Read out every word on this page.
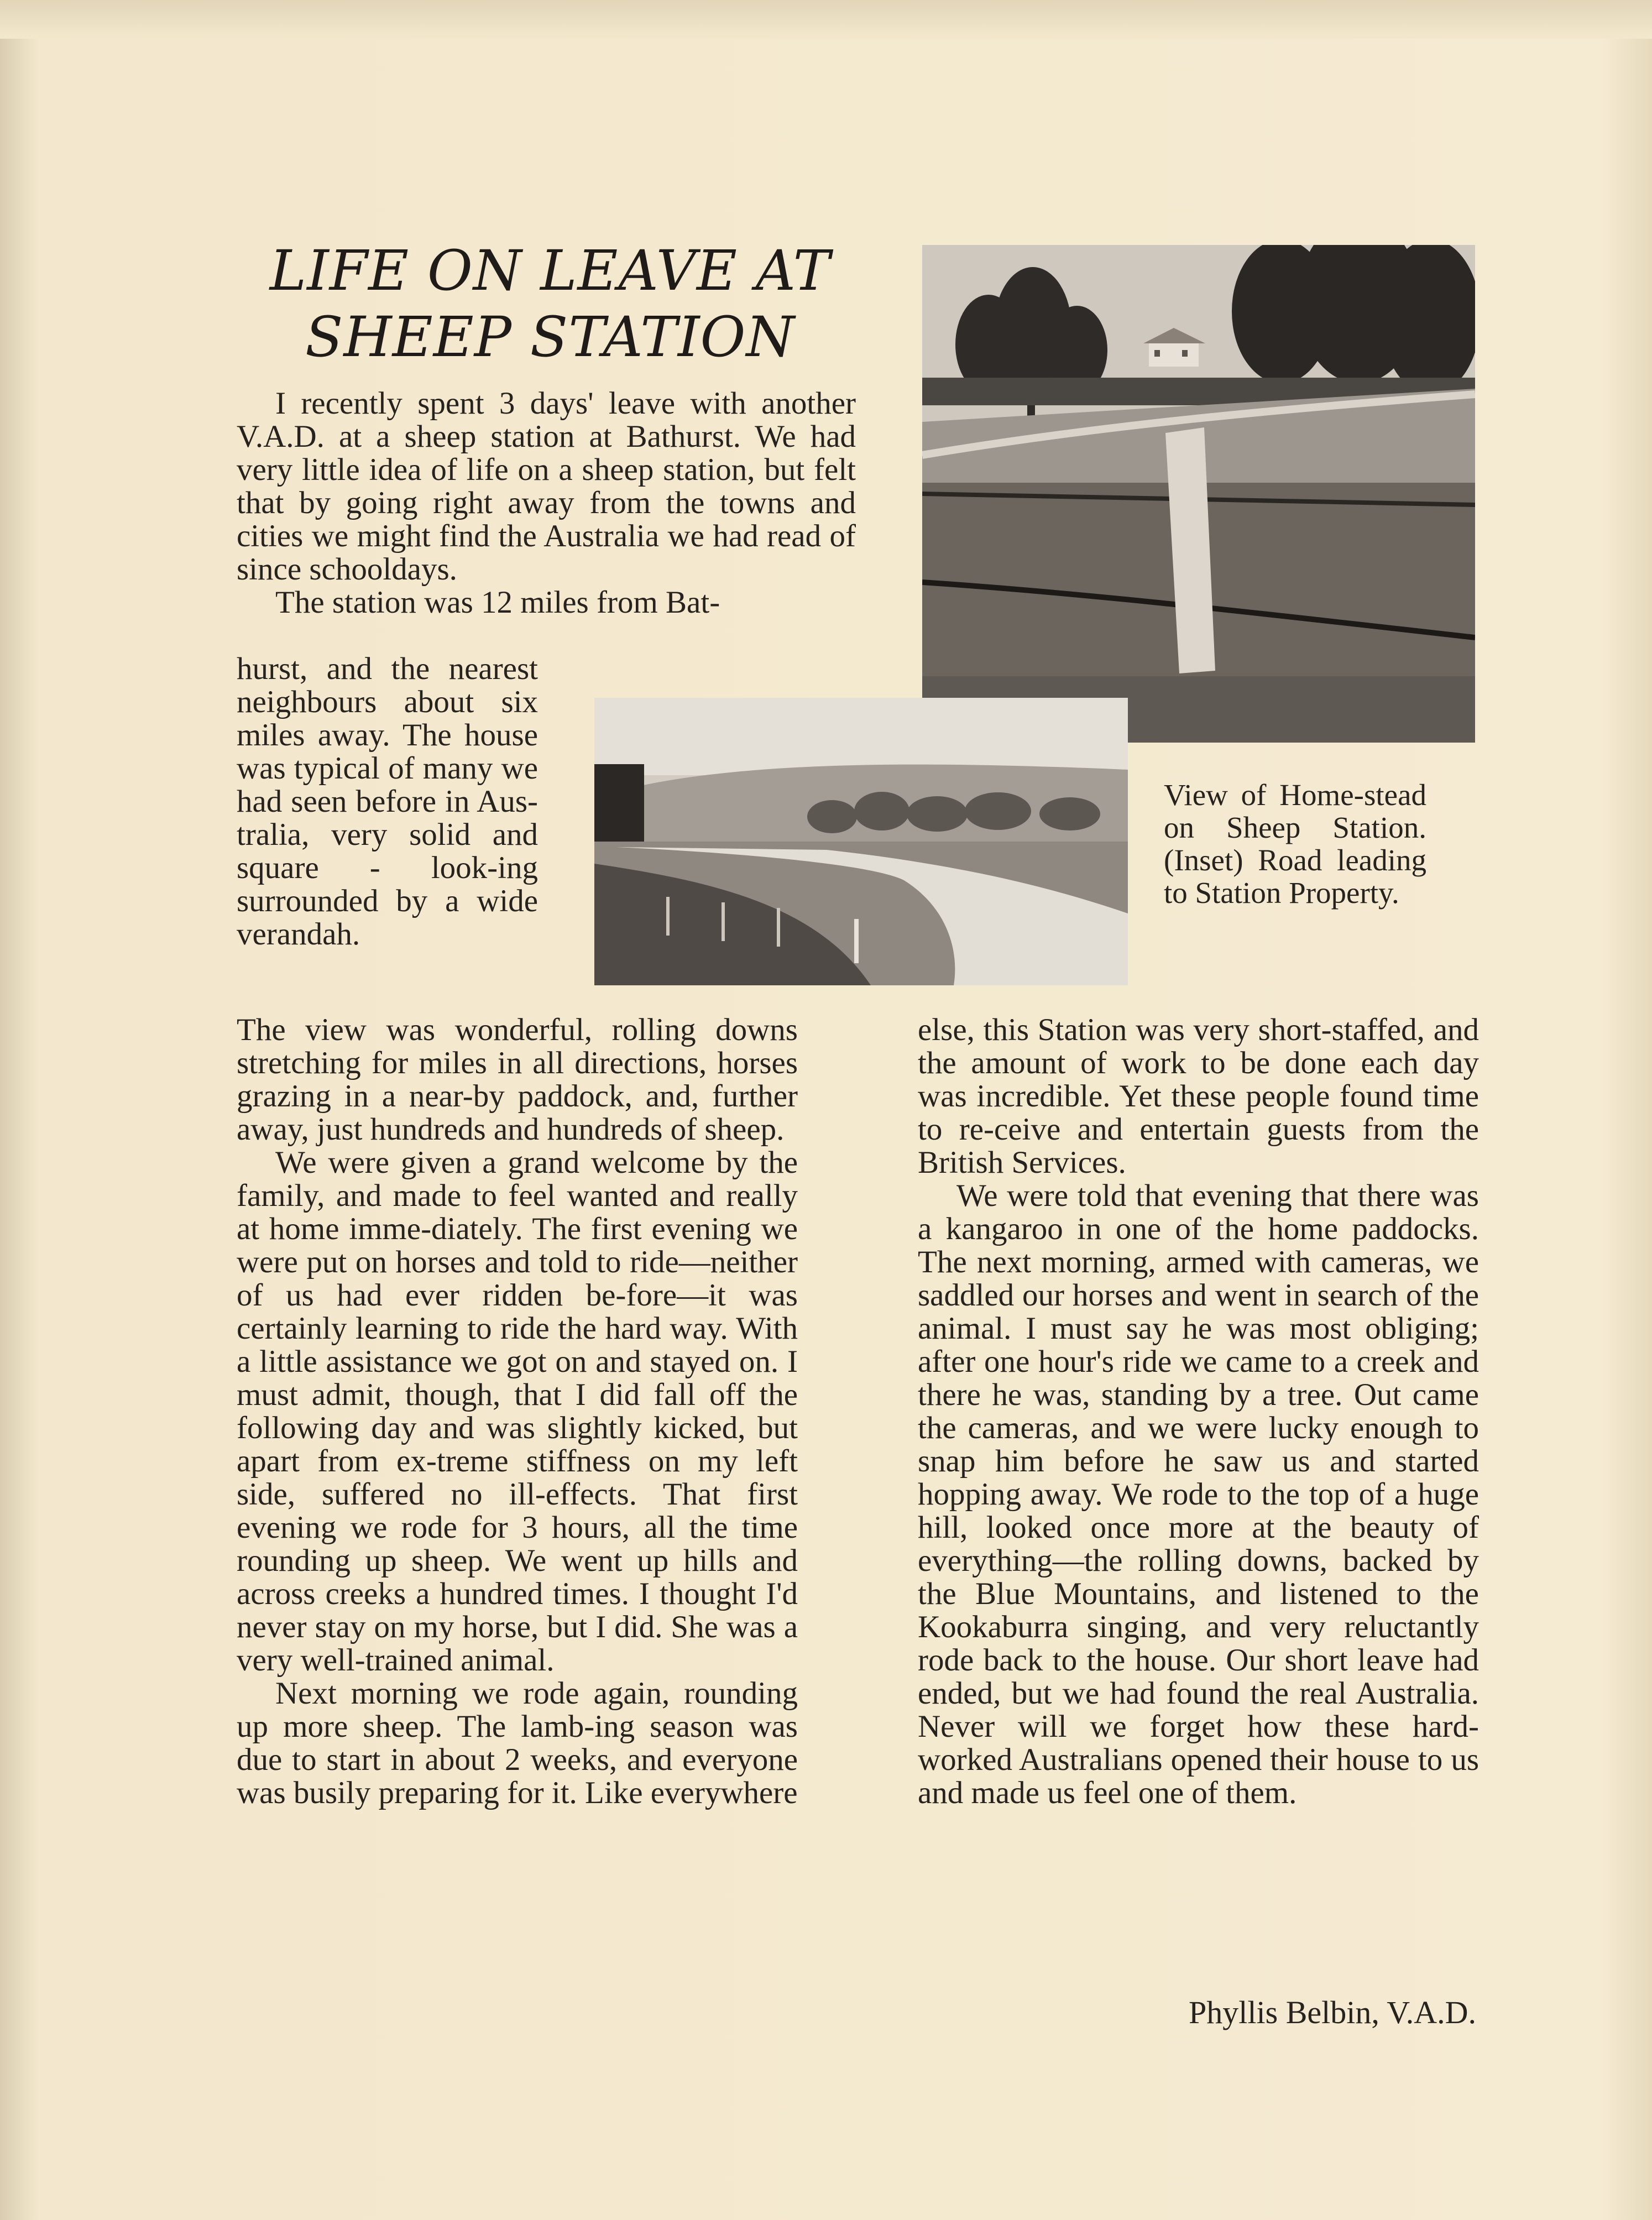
LIFE ON LEAVE AT
SHEEP STATION

I recently spent 3 days' leave with another V.A.D. at a sheep station at Bathurst. We had very little idea of life on a sheep station, but felt that by going right away from the towns and cities we might find the Australia we had read of since schooldays.

The station was 12 miles from Bat-

hurst, and the nearest neighbours about six miles away. The house was typical of many we had seen before in Aus-tralia, very solid and square - look-ing surrounded by a wide verandah.

The view was wonderful, rolling downs stretching for miles in all directions, horses grazing in a near-by paddock, and, further away, just hundreds and hundreds of sheep.

We were given a grand welcome by the family, and made to feel wanted and really at home imme-diately. The first evening we were put on horses and told to ride—neither of us had ever ridden be-fore—it was certainly learning to ride the hard way. With a little assistance we got on and stayed on. I must admit, though, that I did fall off the following day and was slightly kicked, but apart from ex-treme stiffness on my left side, suffered no ill-effects. That first evening we rode for 3 hours, all the time rounding up sheep. We went up hills and across creeks a hundred times. I thought I'd never stay on my horse, but I did. She was a very well-trained animal.

Next morning we rode again, rounding up more sheep. The lamb-ing season was due to start in about 2 weeks, and everyone was busily preparing for it. Like everywhere

else, this Station was very short-staffed, and the amount of work to be done each day was incredible. Yet these people found time to re-ceive and entertain guests from the British Services.

We were told that evening that there was a kangaroo in one of the home paddocks. The next morning, armed with cameras, we saddled our horses and went in search of the animal. I must say he was most obliging; after one hour's ride we came to a creek and there he was, standing by a tree. Out came the cameras, and we were lucky enough to snap him before he saw us and started hopping away. We rode to the top of a huge hill, looked once more at the beauty of everything—the rolling downs, backed by the Blue Mountains, and listened to the Kookaburra singing, and very reluctantly rode back to the house. Our short leave had ended, but we had found the real Australia. Never will we forget how these hard-worked Australians opened their house to us and made us feel one of them.

Phyllis Belbin, V.A.D.

View of Home-stead on Sheep Station. (Inset) Road leading to Station Property.
